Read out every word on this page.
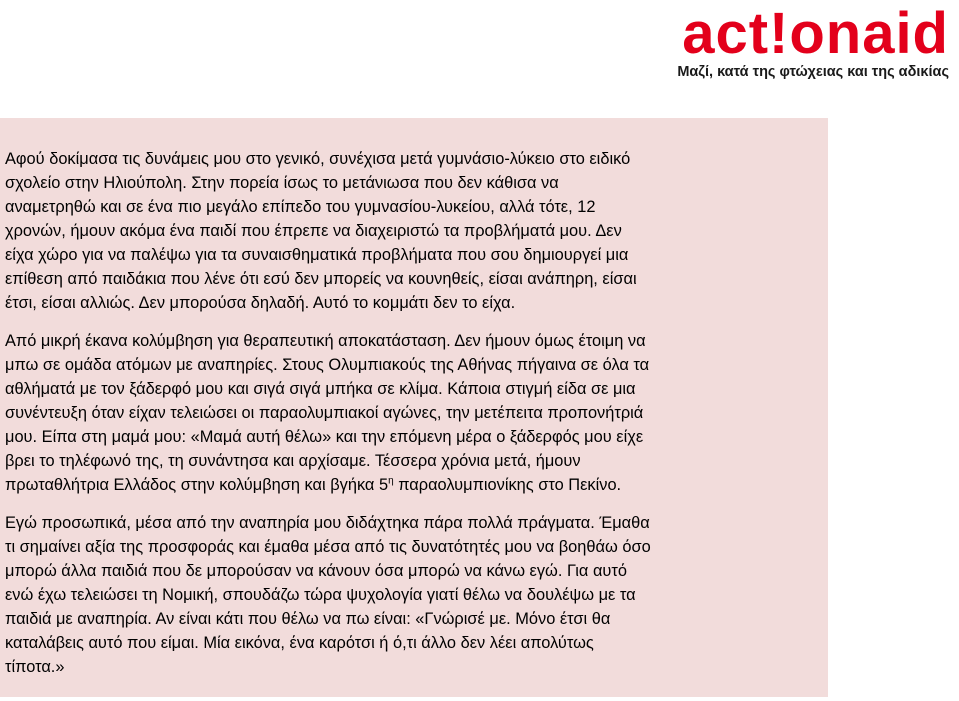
act!onaid
Μαζί, κατά της φτώχειας και της αδικίας

Αφού δοκίμασα τις δυνάμεις μου στο γενικό, συνέχισα μετά γυμνάσιο-λύκειο στο ειδικό
σχολείο στην Ηλιούπολη. Στην πορεία ίσως το μετάνιωσα που δεν κάθισα να
αναμετρηθώ και σε ένα πιο μεγάλο επίπεδο του γυμνασίου-λυκείου, αλλά τότε, 12
χρονών, ήμουν ακόμα ένα παιδί που έπρεπε να διαχειριστώ τα προβλήματά μου. Δεν
είχα χώρο για να παλέψω για τα συναισθηματικά προβλήματα που σου δημιουργεί μια
επίθεση από παιδάκια που λένε ότι εσύ δεν μπορείς να κουνηθείς, είσαι ανάπηρη, είσαι
έτσι, είσαι αλλιώς. Δεν μπορούσα δηλαδή. Αυτό το κομμάτι δεν το είχα.

Από μικρή έκανα κολύμβηση για θεραπευτική αποκατάσταση. Δεν ήμουν όμως έτοιμη να
μπω σε ομάδα ατόμων με αναπηρίες. Στους Ολυμπιακούς της Αθήνας πήγαινα σε όλα τα
αθλήματά με τον ξάδερφό μου και σιγά σιγά μπήκα σε κλίμα. Κάποια στιγμή είδα σε μια
συνέντευξη όταν είχαν τελειώσει οι παραολυμπιακοί αγώνες, την μετέπειτα προπονήτριά
μου. Είπα στη μαμά μου: «Μαμά αυτή θέλω» και την επόμενη μέρα ο ξάδερφός μου είχε
βρει το τηλέφωνό της, τη συνάντησα και αρχίσαμε. Τέσσερα χρόνια μετά, ήμουν
πρωταθλήτρια Ελλάδος στην κολύμβηση και βγήκα $5^\eta$ παραολυμπιονίκης στο Πεκίνο.

Εγώ προσωπικά, μέσα από την αναπηρία μου διδάχτηκα πάρα πολλά πράγματα. Έμαθα
τι σημαίνει αξία της προσφοράς και έμαθα μέσα από τις δυνατότητές μου να βοηθάω όσο
μπορώ άλλα παιδιά που δε μπορούσαν να κάνουν όσα μπορώ να κάνω εγώ. Για αυτό
ενώ έχω τελειώσει τη Νομική, σπουδάζω τώρα ψυχολογία γιατί θέλω να δουλέψω με τα
παιδιά με αναπηρία. Αν είναι κάτι που θέλω να πω είναι: «Γνώρισέ με. Μόνο έτσι θα
καταλάβεις αυτό που είμαι. Μία εικόνα, ένα καρότσι ή ό,τι άλλο δεν λέει απολύτως
τίποτα.»
